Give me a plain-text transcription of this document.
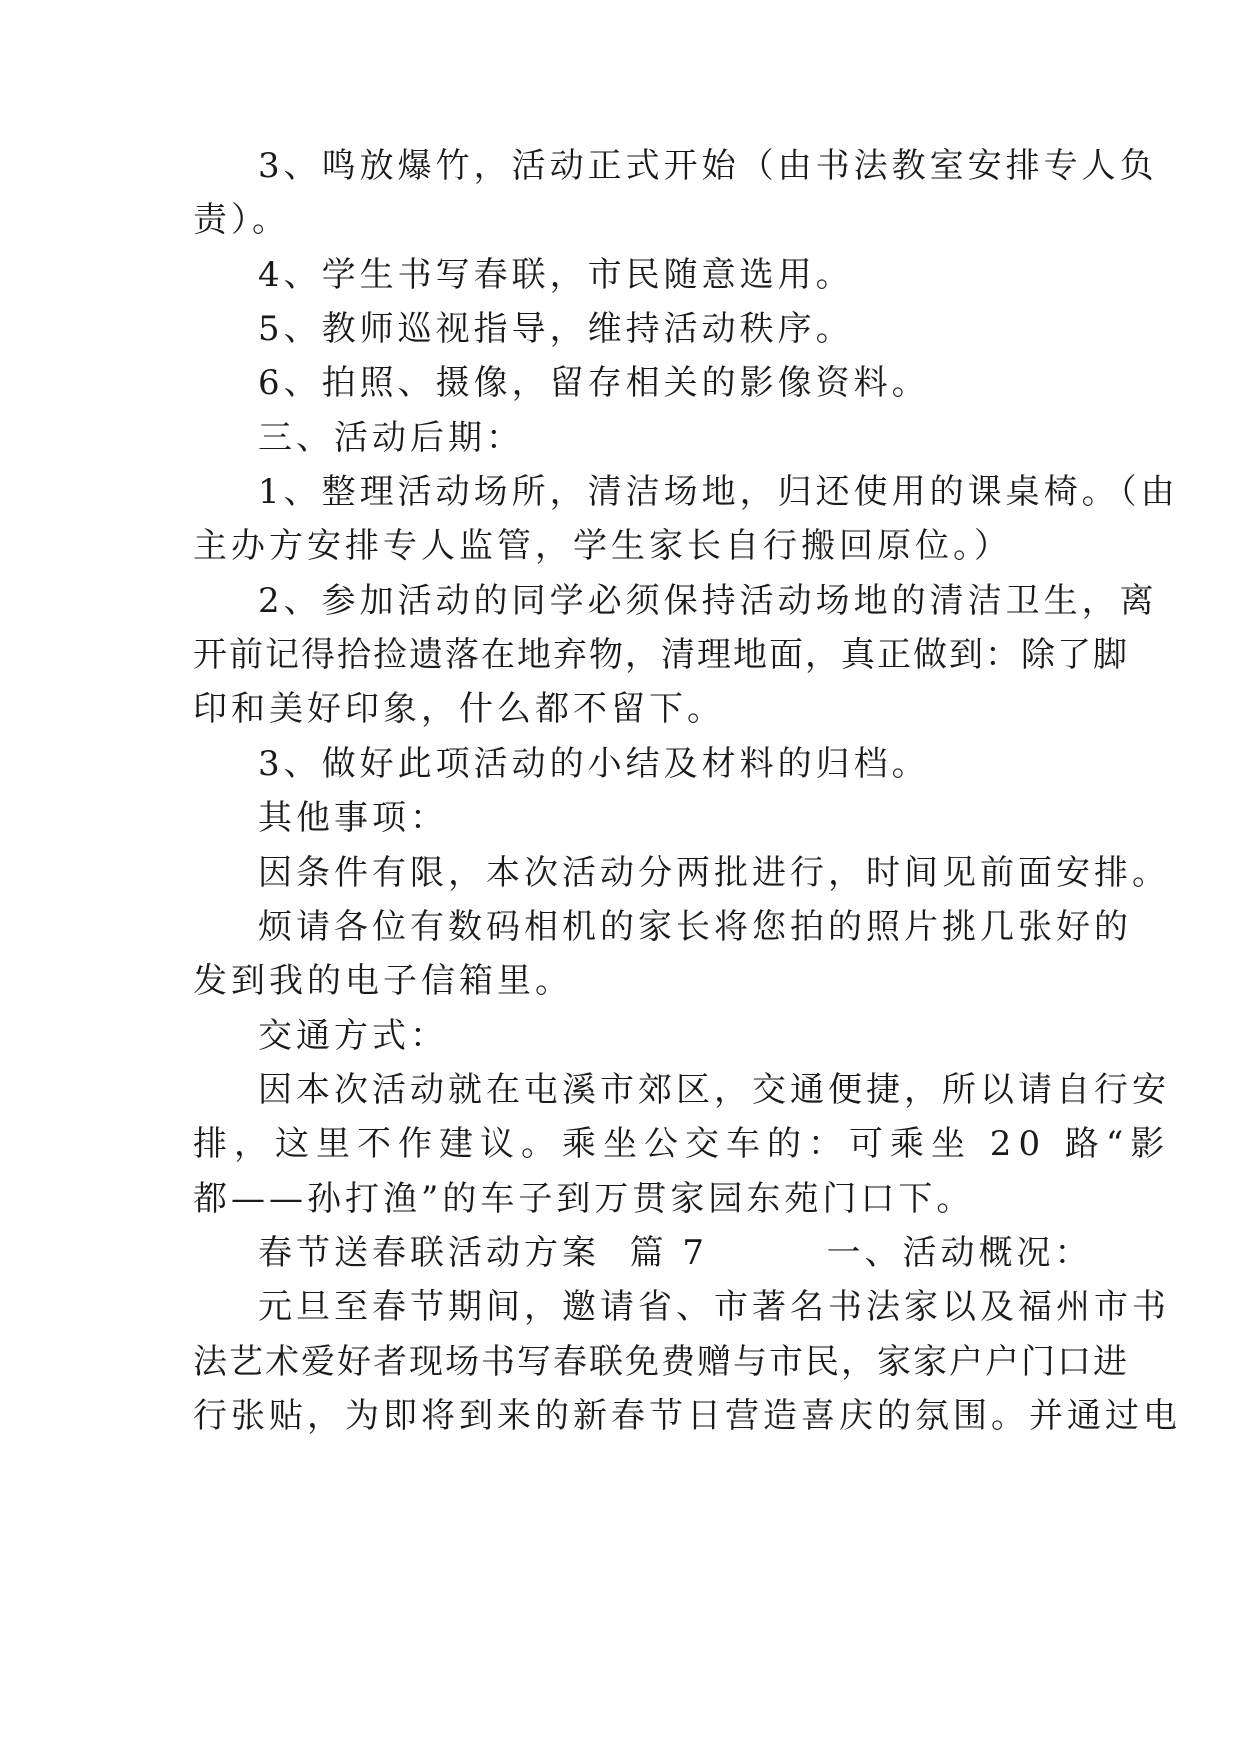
3、鸣放爆竹，活动正式开始（由书法教室安排专人负
责）。
4、学生书写春联，市民随意选用。
5、教师巡视指导，维持活动秩序。
6、拍照、摄像，留存相关的影像资料。
三、活动后期：
1、整理活动场所，清洁场地，归还使用的课桌椅。（由
主办方安排专人监管，学生家长自行搬回原位。）
2、参加活动的同学必须保持活动场地的清洁卫生，离
开前记得拾捡遗落在地弃物，清理地面，真正做到：除了脚
印和美好印象，什么都不留下。
3、做好此项活动的小结及材料的归档。
其他事项：
因条件有限，本次活动分两批进行，时间见前面安排。
烦请各位有数码相机的家长将您拍的照片挑几张好的
发到我的电子信箱里。
交通方式：
因本次活动就在屯溪市郊区，交通便捷，所以请自行安
排，这里不作建议。乘坐公交车的：可乘坐 20 路“影
都——孙打渔”的车子到万贯家园东苑门口下。
春节送春联活动方案  篇 7        一、活动概况：
元旦至春节期间，邀请省、市著名书法家以及福州市书
法艺术爱好者现场书写春联免费赠与市民，家家户户门口进
行张贴，为即将到来的新春节日营造喜庆的氛围。并通过电
